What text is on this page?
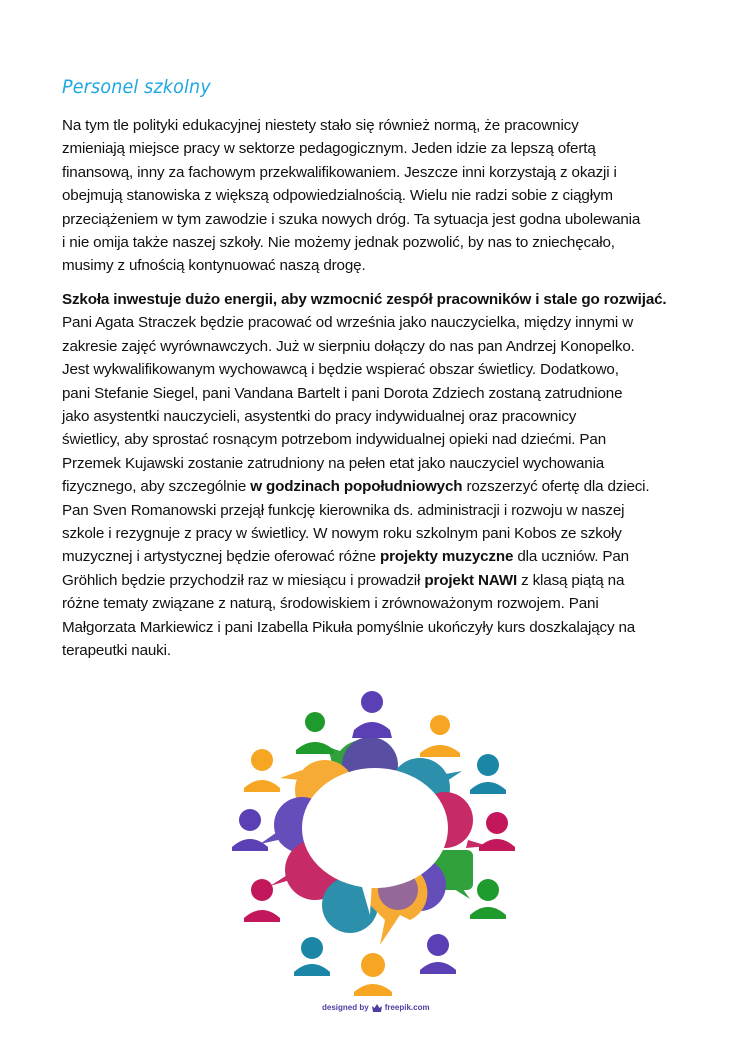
Personel szkolny
Na tym tle polityki edukacyjnej niestety stało się również normą, że pracownicy
zmieniają miejsce pracy w sektorze pedagogicznym. Jeden idzie za lepszą ofertą
finansową, inny za fachowym przekwalifikowaniem. Jeszcze inni korzystają z okazji i
obejmują stanowiska z większą odpowiedzialnością. Wielu nie radzi sobie z ciągłym
przeciążeniem w tym zawodzie i szuka nowych dróg. Ta sytuacja jest godna ubolewania
i nie omija także naszej szkoły. Nie możemy jednak pozwolić, by nas to zniechęcało,
musimy z ufnością kontynuować naszą drogę.
Szkoła inwestuje dużo energii, aby wzmocnić zespół pracowników i stale go rozwijać.
Pani Agata Straczek będzie pracować od września jako nauczycielka, między innymi w
zakresie zajęć wyrównawczych. Już w sierpniu dołączy do nas pan Andrzej Konopelko.
Jest wykwalifikowanym wychowawcą i będzie wspierać obszar świetlicy. Dodatkowo,
pani Stefanie Siegel, pani Vandana Bartelt i pani Dorota Zdziech zostaną zatrudnione
jako asystentki nauczycieli, asystentki do pracy indywidualnej oraz pracownicy
świetlicy, aby sprostać rosnącym potrzebom indywidualnej opieki nad dziećmi. Pan
Przemek Kujawski zostanie zatrudniony na pełen etat jako nauczyciel wychowania
fizycznego, aby szczególnie w godzinach popołudniowych rozszerzyć ofertę dla dzieci.
Pan Sven Romanowski przejął funkcję kierownika ds. administracji i rozwoju w naszej
szkole i rezygnuje z pracy w świetlicy. W nowym roku szkolnym pani Kobos ze szkoły
muzycznej i artystycznej będzie oferować różne projekty muzyczne dla uczniów. Pan
Gröhlich będzie przychodził raz w miesiącu i prowadził projekt NAWI z klasą piątą na
różne tematy związane z naturą, środowiskiem i zrównoważonym rozwojem. Pani
Małgorzata Markiewicz i pani Izabella Pikuła pomyślnie ukończyły kurs doszkalający na
terapeutki nauki.
designed by freepik.com
